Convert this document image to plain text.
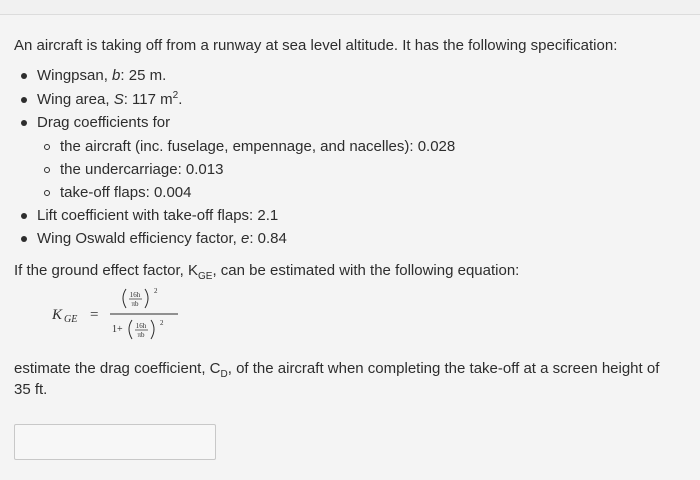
An aircraft is taking off from a runway at sea level altitude. It has the following specification:

Wingpsan, b: 25 m.
Wing area, S: 117 $m^2$.
Drag coefficients for
the aircraft (inc. fuselage, empennage, and nacelles): 0.028
the undercarriage: 0.013
take-off flaps: 0.004
Lift coefficient with take-off flaps: 2.1
Wing Oswald efficiency factor, e: 0.84

If the ground effect factor, $K_{GE}$, can be estimated with the following equation:

K GE =
16h
πb
2
1+ 16h
πb
2

estimate the drag coefficient, $C_D$, of the aircraft when completing the take-off at a screen height of 35 ft.
